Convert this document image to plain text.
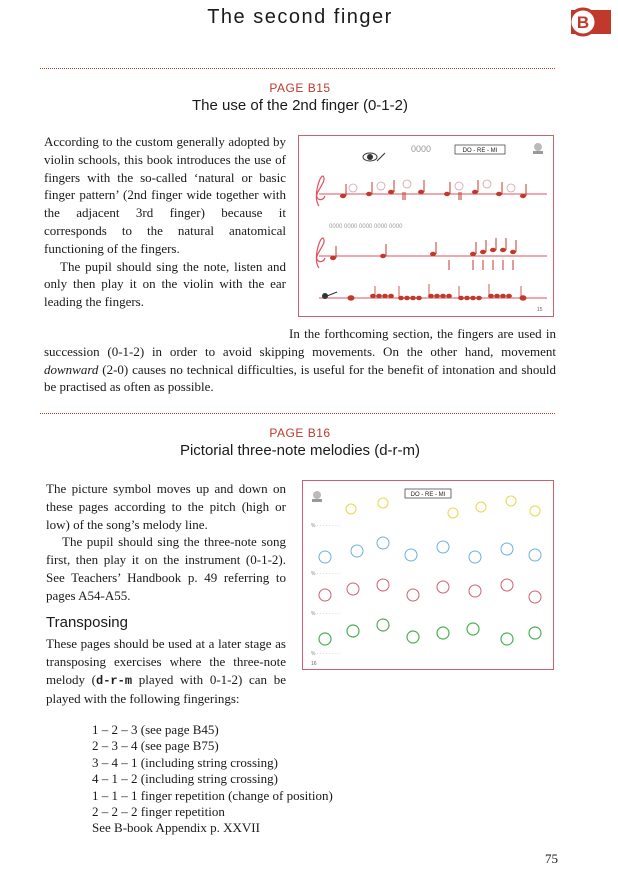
The second finger	B
PAGE B15
The use of the 2nd finger (0-1-2)

According to the custom generally adopted by violin schools, this book introduces the use of fingers with the so-called ‘natural or basic finger pattern’ (2nd finger wide together with the adjacent 3rd finger) because it corresponds to the natural anatomical functioning of the fingers.

The pupil should sing the note, listen and only then play it on the violin with the ear leading the fingers.

In the forthcoming section, the fingers are used in succession (0-1-2) in order to avoid skipping movements. On the other hand, movement downward (2-0) causes no technical difficulties, is useful for the benefit of intonation and should be practised as often as possible.

DO - RE - MI
0000
0000 0000 0000 0000 0000
15
PAGE B16
Pictorial three-note melodies (d-r-m)

The picture symbol moves up and down on these pages according to the pitch (high or low) of the song’s melody line.

The pupil should sing the three-note song first, then play it on the instrument (0-1-2). See Teachers’ Handbook p. 49 referring to pages A54-A55.

Transposing

These pages should be used at a later stage as transposing exercises where the three-note melody (d-r-m played with 0-1-2) can be played with the following fingerings:

DO - RE - MI
% · · · · · · · ·
% · · · · · · · ·
% · · · · · · · ·
% · · · · · · · ·
16
1 – 2 – 3 (see page B45)
2 – 3 – 4 (see page B75)
3 – 4 – 1 (including string crossing)
4 – 1 – 2 (including string crossing)
1 – 1 – 1 finger repetition (change of position)
2 – 2 – 2 finger repetition
See B-book Appendix p. XXVII
75
